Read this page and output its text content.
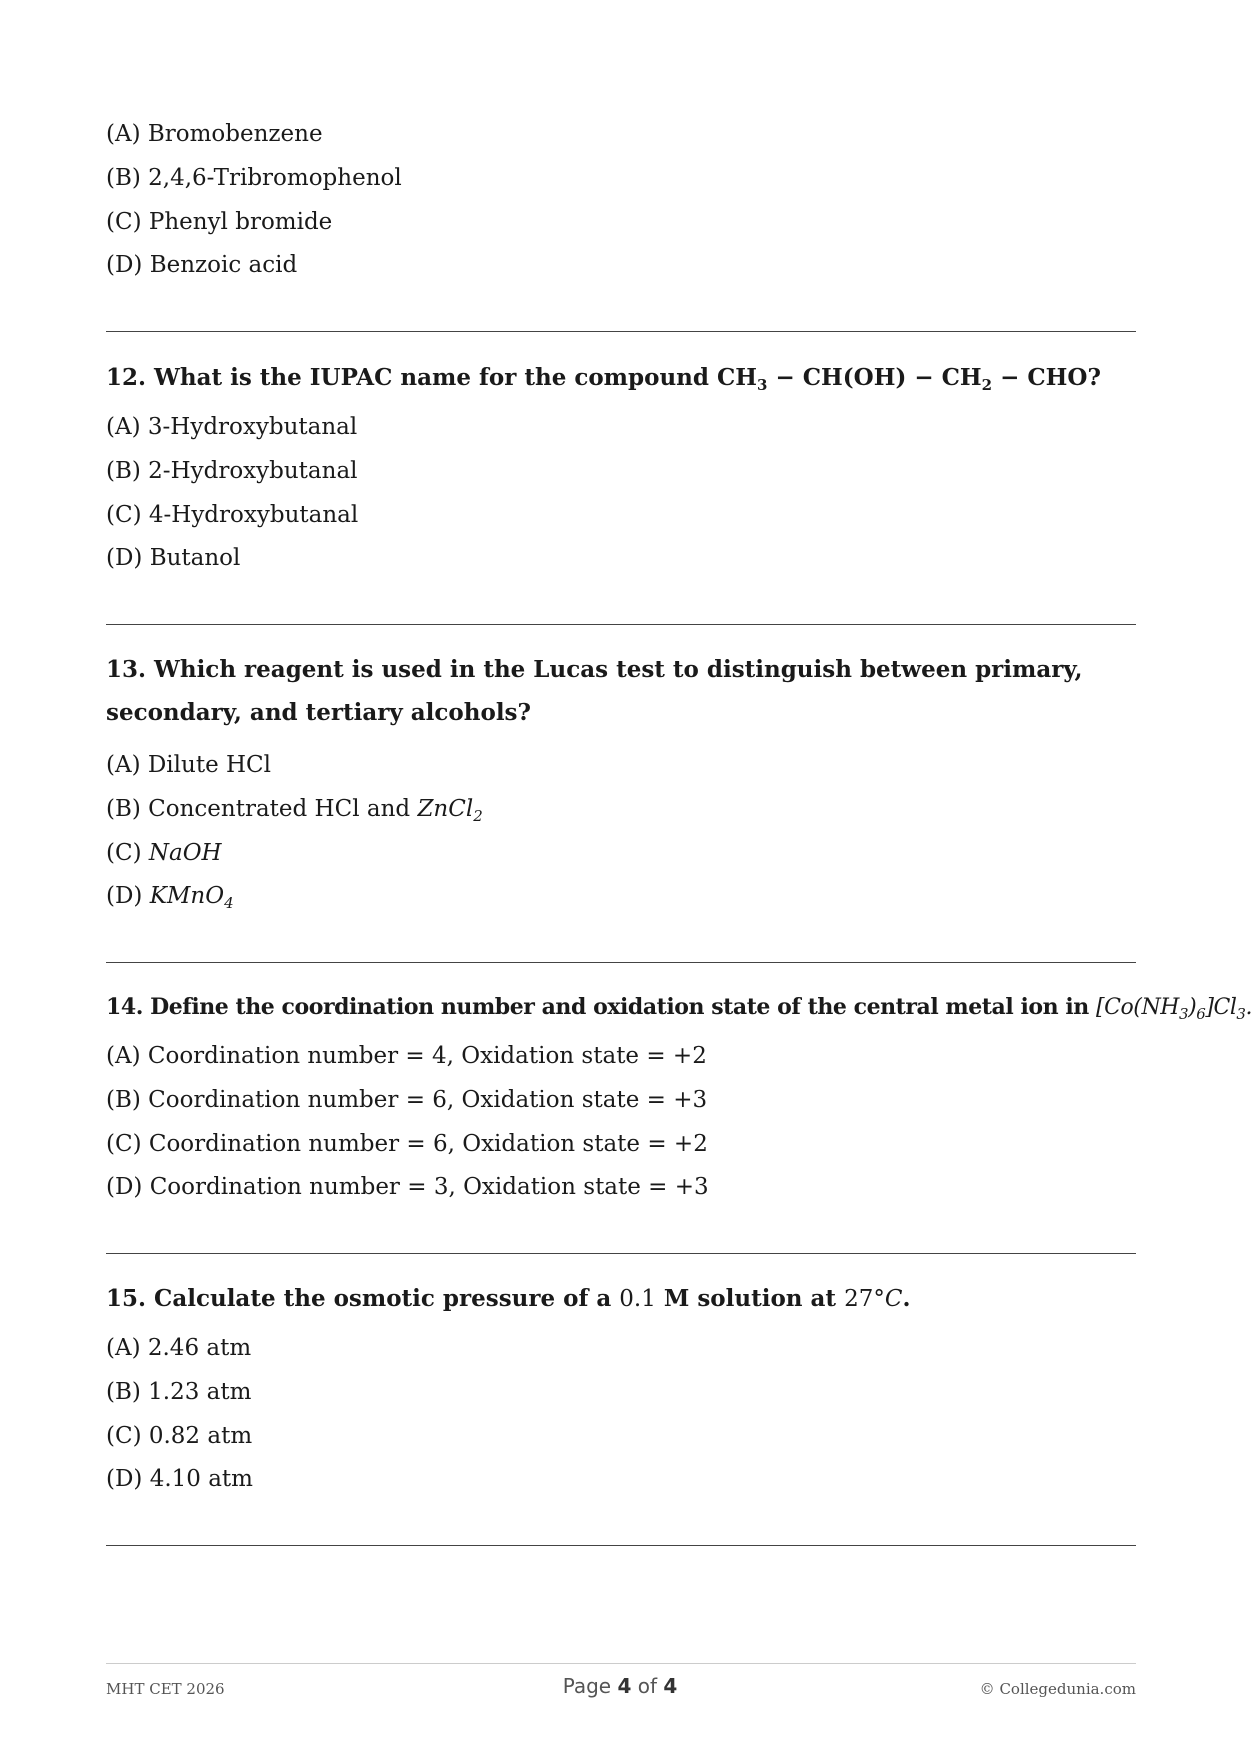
(A) Bromobenzene
(B) 2,4,6-Tribromophenol
(C) Phenyl bromide
(D) Benzoic acid
12. What is the IUPAC name for the compound $CH_3 - CH(OH) - CH_2$ − CHO?
(A) 3-Hydroxybutanal
(B) 2-Hydroxybutanal
(C) 4-Hydroxybutanal
(D) Butanol
13. Which reagent is used in the Lucas test to distinguish between primary, secondary, and tertiary alcohols?
(A) Dilute HCl
(B) Concentrated HCl and ZnCl$_2$
(C) NaOH
(D) KMnO$_4$
14. Define the coordination number and oxidation state of the central metal ion in $[Co(NH_3)_6]Cl_3$.
(A) Coordination number = 4, Oxidation state = +2
(B) Coordination number = 6, Oxidation state = +3
(C) Coordination number = 6, Oxidation state = +2
(D) Coordination number = 3, Oxidation state = +3
15. Calculate the osmotic pressure of a 0.1 M solution at 27°C.
(A) 2.46 atm
(B) 1.23 atm
(C) 0.82 atm
(D) 4.10 atm
MHT CET 2026	Page 4 of 4	© Collegedunia.com
